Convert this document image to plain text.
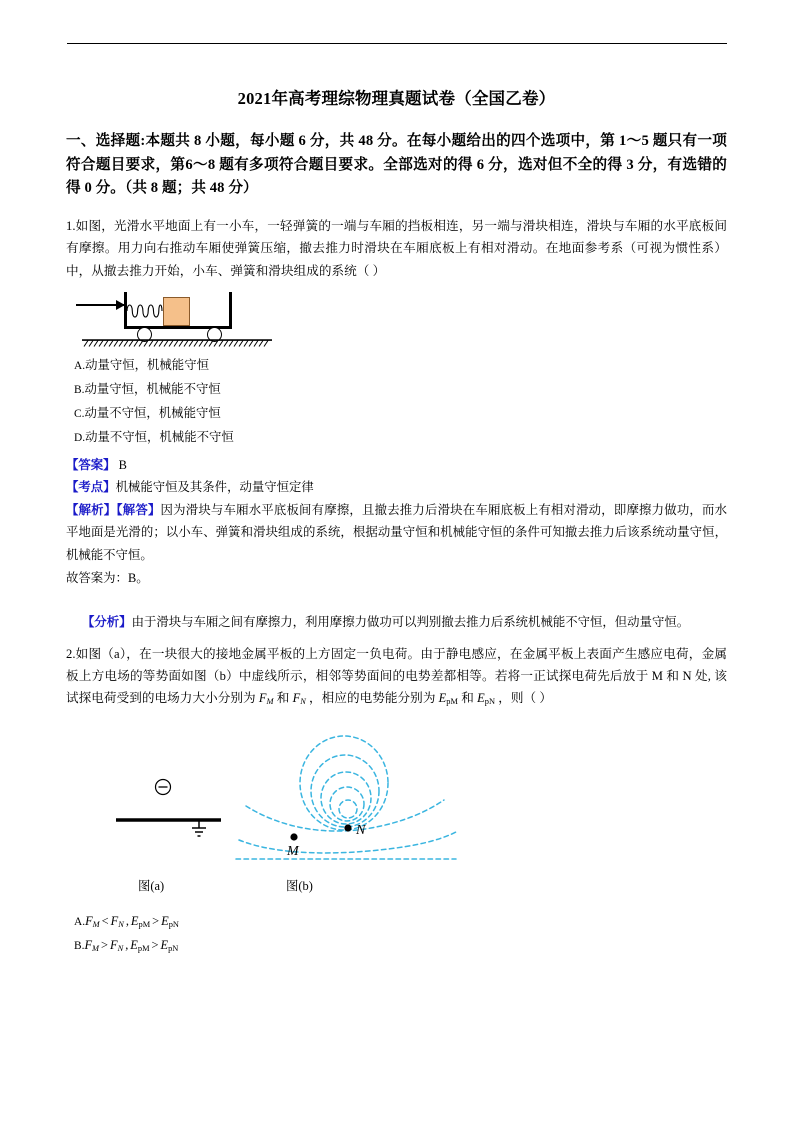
2021年高考理综物理真题试卷（全国乙卷）
一、选择题:本题共 8 小题，每小题 6 分，共 48 分。在每小题给出的四个选项中，第 1～5 题只有一项符合题目要求，第6～8 题有多项符合题目要求。全部选对的得 6 分，选对但不全的得 3 分，有选错的得 0 分。（共 8 题；共 48 分）
1.如图，光滑水平地面上有一小车，一轻弹簧的一端与车厢的挡板相连，另一端与滑块相连，滑块与车厢的水平底板间有摩擦。用力向右推动车厢使弹簧压缩，撤去推力时滑块在车厢底板上有相对滑动。在地面参考系（可视为惯性系）中，从撤去推力开始，小车、弹簧和滑块组成的系统（ ）
A.动量守恒，机械能守恒
B.动量守恒，机械能不守恒
C.动量不守恒，机械能守恒
D.动量不守恒，机械能不守恒
【答案】 B
【考点】机械能守恒及其条件，动量守恒定律
【解析】【解答】因为滑块与车厢水平底板间有摩擦，且撤去推力后滑块在车厢底板上有相对滑动，即摩擦力做功，而水平地面是光滑的；以小车、弹簧和滑块组成的系统，根据动量守恒和机械能守恒的条件可知撤去推力后该系统动量守恒，机械能不守恒。
故答案为：B。
【分析】由于滑块与车厢之间有摩擦力，利用摩擦力做功可以判别撤去推力后系统机械能不守恒，但动量守恒。
2.如图（a），在一块很大的接地金属平板的上方固定一负电荷。由于静电感应，在金属平板上表面产生感应电荷，金属板上方电场的等势面如图（b）中虚线所示，相邻等势面间的电势差都相等。若将一正试探电荷先后放于 M 和 N 处, 该试探电荷受到的电场力大小分别为 $F_M$ 和 $F_N$ ，相应的电势能分别为 $E_{pM}$ 和 $E_{pN}$ ，则（ ）
M
N
图(a)	图(b)
$A.F_M < F_N$ , $E_{pM} > E_{pN}$
$B.F_M > F_N$ , $E_{pM} > E_{pN}$
